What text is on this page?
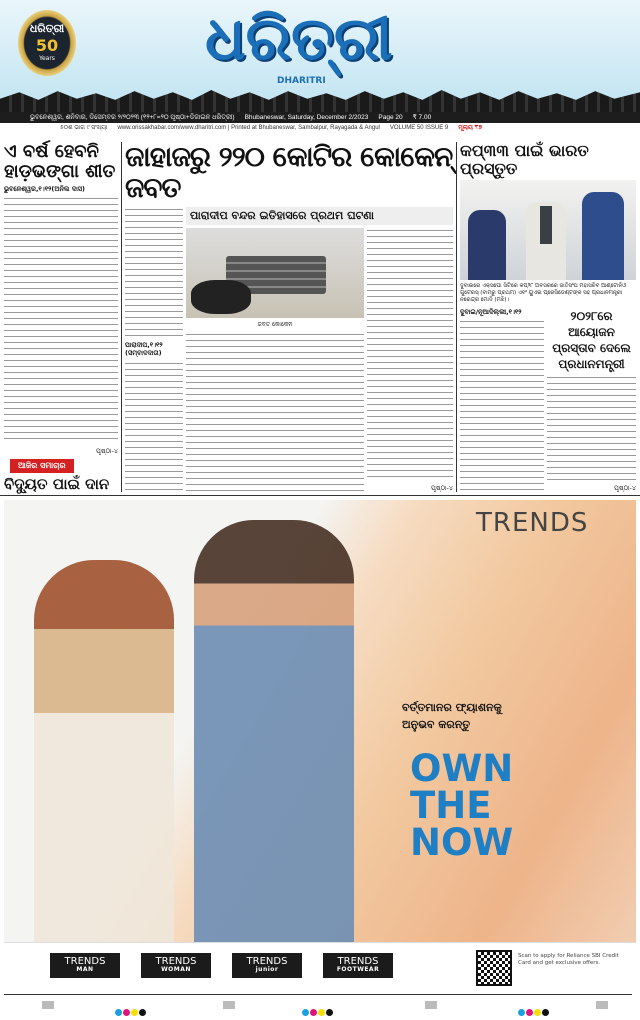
ଧରିତ୍ରୀ
50
Years	ଧରିତ୍ରୀ
DHARITRI
ଭୁବନେଶ୍ୱର, ଶନିବାର, ଡିସେମ୍ବର ୨/୨୦୨୩ (୧୨+୮=୨୦ ପୃଷ୍ଠା+ଡିଜାଇନ ଧରିତ୍ରୀ) Bhubaneswar, Saturday, December 2/2023 Page 20 ₹ 7.00
୫୦ଶ ଭାଗ ୯ ସଂଖ୍ୟା www.orissakhabar.com/www.dharitri.com | Printed at Bhubaneswar, Sambalpur, Rayagada & Angul VOLUME 50 ISSUE 9 ମୂଲ୍ୟ ₹୭
ଏ ବର୍ଷ ହେବନି ହାଡ଼ଭଙ୍ଗା ଶୀତ
ଭୁବନେଶ୍ୱର,୧।୧୨(ଅନିଲ ଦାସ)
ପୃଷ୍ଠା-୪
ଆଜିର ସମାଚାର
ବିଦ୍ୟୁତ ପାଇଁ ଦାନ
ଜାହାଜରୁ ୨୨୦ କୋଟିର କୋକେନ୍ ଜବତ
ପାରାଦୀପ,୧।୧୨ (ସମ୍ବାଦଦାତା)
ପାରାଦୀପ ବନ୍ଦର ଇତିହାସରେ ପ୍ରଥମ ଘଟଣା
ଜବତ କୋକେନ
ପୃଷ୍ଠା-୪
କପ୍‌୩୩ ପାଇଁ ଭାରତ ପ୍ରସ୍ତୁତ
ଦୁବାଇରେ ଏକ୍ସପୋ ସିଟିରେ କପ୍‌୨୮ ଅବସରରେ ଜାତିସଂଘ ମହାସଚିବ ଆଣ୍ଟୋନିଓ ଗୁଟେରସ୍ (ବାମରୁ ପ୍ରଥମ) ଏବଂ ୟୁଏଇ ପ୍ରେସିଡେଣ୍ଟଙ୍କ ସହ ପ୍ରଧାନମନ୍ତ୍ରୀ ନରେନ୍ଦ୍ର ମୋଦି (ମଝି)।
ଦୁବାଇ/ନୂଆଦିଲ୍ଲୀ,୧।୧୨	୨୦୨୮ରେ ଆୟୋଜନ ପ୍ରସ୍ତାବ ଦେଲେ ପ୍ରଧାନମନ୍ତ୍ରୀ
ପୃଷ୍ଠା-୪
TRENDS
ବର୍ତ୍ତମାନର ଫ୍ୟାଶନକୁ ଅନୁଭବ କରନ୍ତୁ
OWN
THE
NOW
TRENDS
MAN
TRENDS
WOMAN
TRENDS
junior
TRENDS
FOOTWEAR
Scan to apply for Reliance SBI Credit Card and get exclusive offers.
